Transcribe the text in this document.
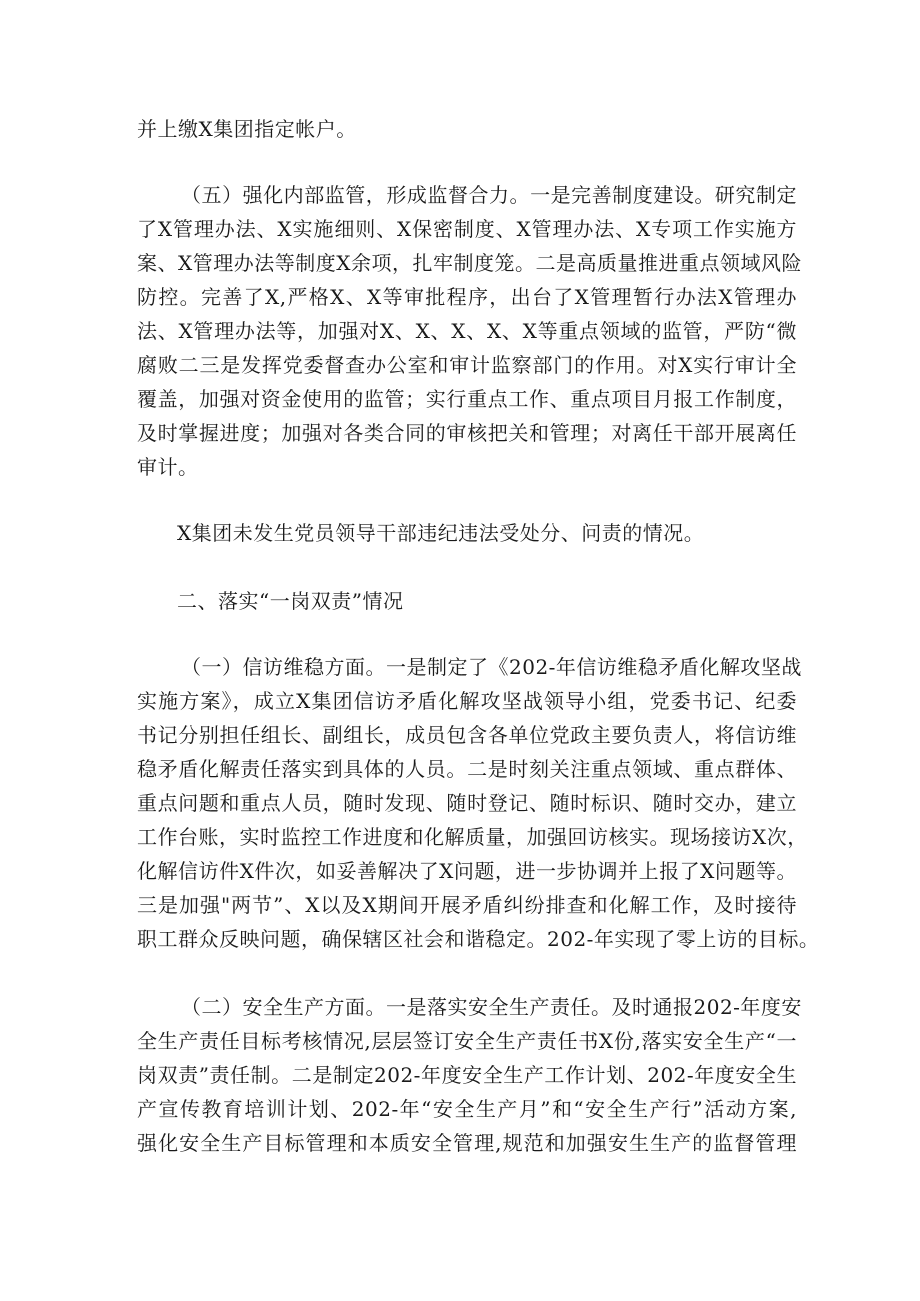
并上缴X集团指定帐户。
（五）强化内部监管，形成监督合力。一是完善制度建设。研究制定
了X管理办法、X实施细则、X保密制度、X管理办法、X专项工作实施方
案、X管理办法等制度X余项，扎牢制度笼。二是高质量推进重点领域风险
防控。完善了X,严格X、X等审批程序，出台了X管理暂行办法X管理办
法、X管理办法等，加强对X、X、X、X、X等重点领域的监管，严防“微
腐败二三是发挥党委督查办公室和审计监察部门的作用。对X实行审计全
覆盖，加强对资金使用的监管；实行重点工作、重点项目月报工作制度，
及时掌握进度；加强对各类合同的审核把关和管理；对离任干部开展离任
审计。
X集团未发生党员领导干部违纪违法受处分、问责的情况。
二、落实“一岗双责”情况
（一）信访维稳方面。一是制定了《202-年信访维稳矛盾化解攻坚战
实施方案》，成立X集团信访矛盾化解攻坚战领导小组，党委书记、纪委
书记分别担任组长、副组长，成员包含各单位党政主要负责人，将信访维
稳矛盾化解责任落实到具体的人员。二是时刻关注重点领域、重点群体、
重点问题和重点人员，随时发现、随时登记、随时标识、随时交办，建立
工作台账，实时监控工作进度和化解质量，加强回访核实。现场接访X次，
化解信访件X件次，如妥善解决了X问题，进一步协调并上报了X问题等。
三是加强"两节”、X以及X期间开展矛盾纠纷排查和化解工作，及时接待
职工群众反映问题，确保辖区社会和谐稳定。202-年实现了零上访的目标。
（二）安全生产方面。一是落实安全生产责任。及时通报202-年度安
全生产责任目标考核情况,层层签订安全生产责任书X份,落实安全生产“一
岗双责”责任制。二是制定202-年度安全生产工作计划、202-年度安全生
产宣传教育培训计划、202-年“安全生产月”和“安全生产行”活动方案,
强化安全生产目标管理和本质安全管理,规范和加强安生生产的监督管理
